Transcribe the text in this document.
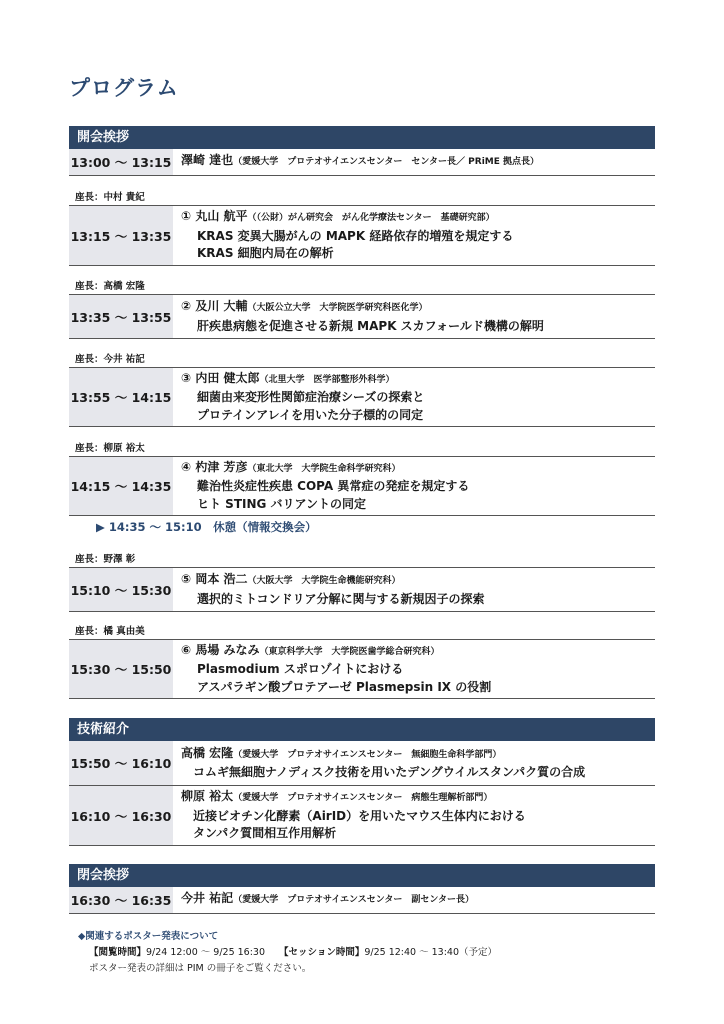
プログラム
開会挨拶
13:00 ～ 13:15 澤崎 達也（愛媛大学　プロテオサイエンスセンター　センター長／ PRiME 拠点長）
座長：中村 貴紀
13:15 ～ 13:35
① 丸山 航平（（公財）がん研究会　がん化学療法センター　基礎研究部）
KRAS 変異大腸がんの MAPK 経路依存的増殖を規定する
KRAS 細胞内局在の解析
座長：高橋 宏隆
13:35 ～ 13:55
② 及川 大輔（大阪公立大学　大学院医学研究科医化学）
肝疾患病態を促進させる新規 MAPK スカフォールド機構の解明
座長：今井 祐記
13:55 ～ 14:15
③ 内田 健太郎（北里大学　医学部整形外科学）
細菌由来変形性関節症治療シーズの探索と
プロテインアレイを用いた分子標的の同定
座長：柳原 裕太
14:15 ～ 14:35
④ 杓津 芳彦（東北大学　大学院生命科学研究科）
難治性炎症性疾患 COPA 異常症の発症を規定する
ヒト STING バリアントの同定
▶ 14:35 ～ 15:10　休憩（情報交換会）
座長：野澤 彰
15:10 ～ 15:30
⑤ 岡本 浩二（大阪大学　大学院生命機能研究科）
選択的ミトコンドリア分解に関与する新規因子の探索
座長：橘 真由美
15:30 ～ 15:50
⑥ 馬場 みなみ（東京科学大学　大学院医歯学総合研究科）
Plasmodium スポロゾイトにおける
アスパラギン酸プロテアーゼ Plasmepsin IX の役割
技術紹介
15:50 ～ 16:10
高橋 宏隆（愛媛大学　プロテオサイエンスセンター　無細胞生命科学部門）
コムギ無細胞ナノディスク技術を用いたデングウイルスタンパク質の合成
16:10 ～ 16:30
柳原 裕太（愛媛大学　プロテオサイエンスセンター　病態生理解析部門）
近接ビオチン化酵素（AirID）を用いたマウス生体内における
タンパク質間相互作用解析
閉会挨拶
16:30 ～ 16:35 今井 祐記（愛媛大学　プロテオサイエンスセンター　副センター長）
◆関連するポスター発表について
【閲覧時間】9/24 12:00 ～ 9/25 16:30 【セッション時間】9/25 12:40 ～ 13:40（予定）
ポスター発表の詳細は PIM の冊子をご覧ください。
